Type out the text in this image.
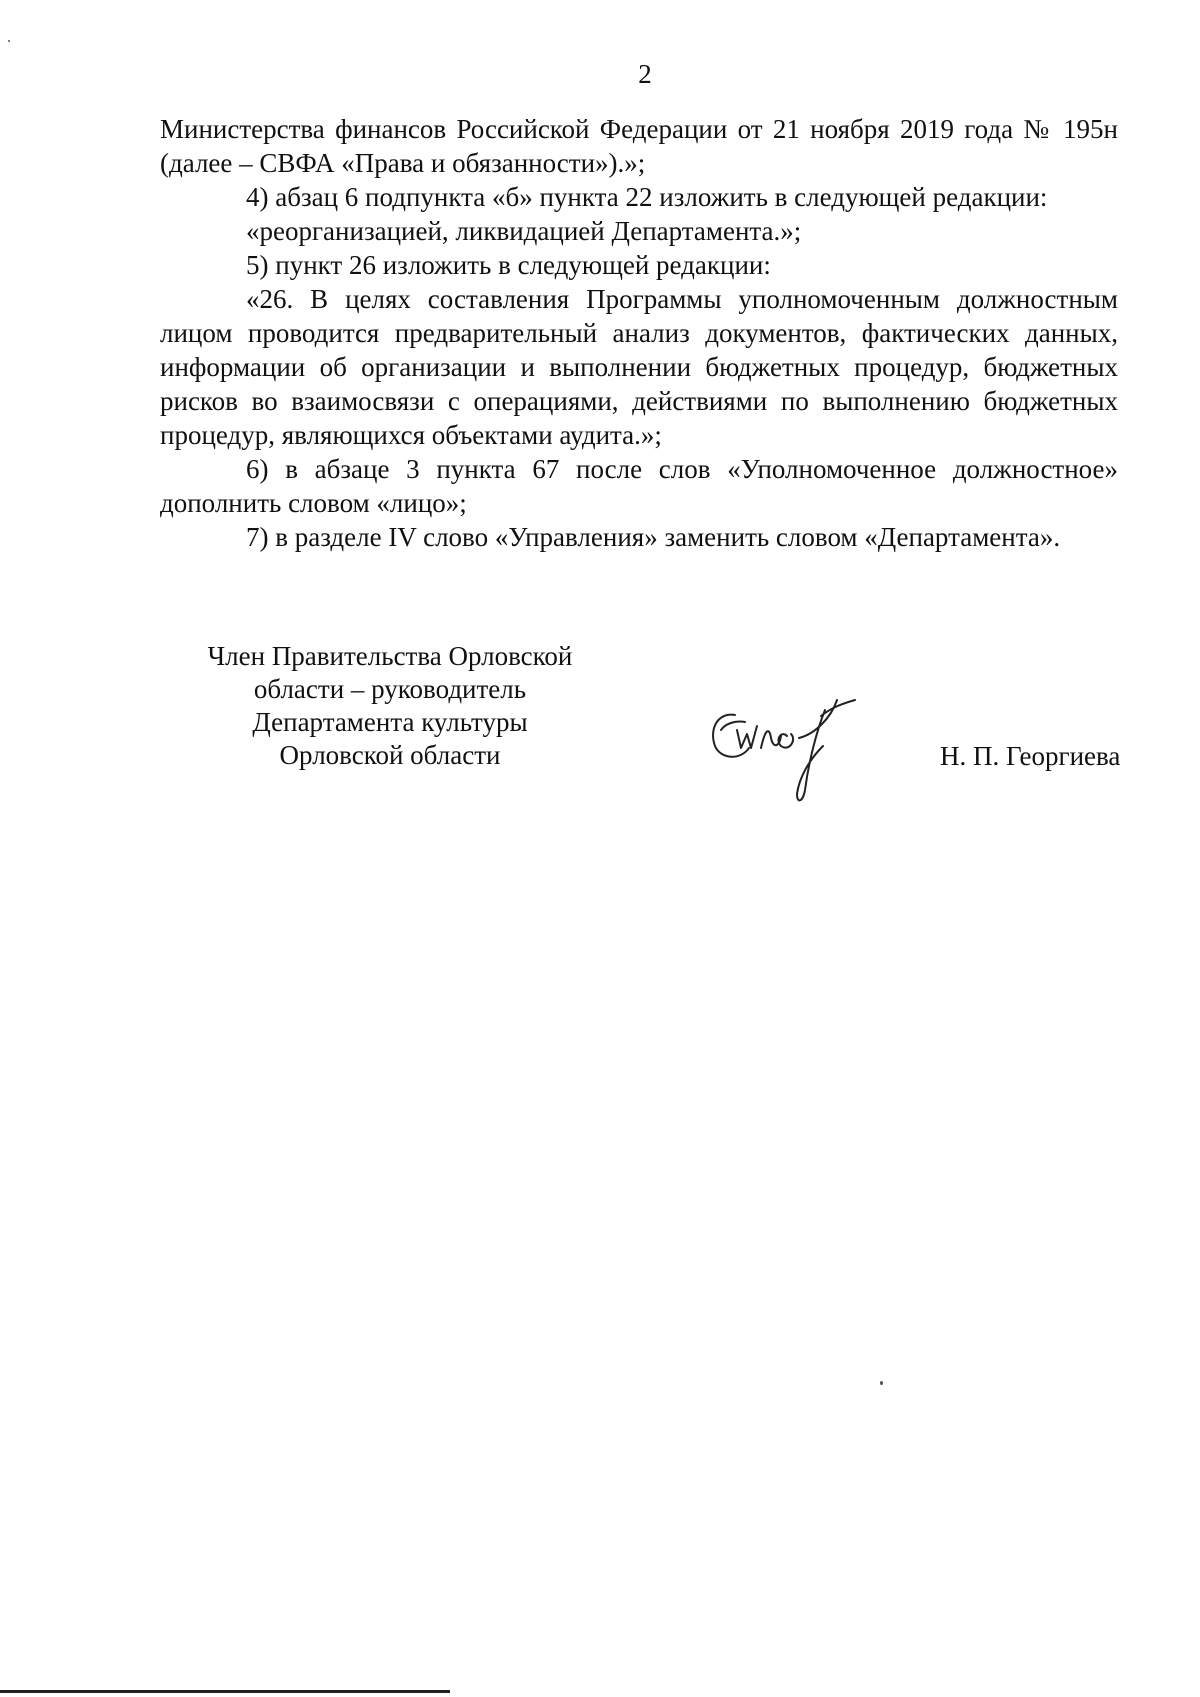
2

Министерства финансов Российской Федерации от 21 ноября 2019 года № 195н (далее – СВФА «Права и обязанности»).»;

4) абзац 6 подпункта «б» пункта 22 изложить в следующей редакции:

«реорганизацией, ликвидацией Департамента.»;

5) пункт 26 изложить в следующей редакции:

«26. В целях составления Программы уполномоченным должностным лицом проводится предварительный анализ документов, фактических данных, информации об организации и выполнении бюджетных процедур, бюджетных рисков во взаимосвязи с операциями, действиями по выполнению бюджетных процедур, являющихся объектами аудита.»;

6) в абзаце 3 пункта 67 после слов «Уполномоченное должностное» дополнить словом «лицо»;

7) в разделе IV слово «Управления» заменить словом «Департамента».

Член Правительства Орловской
области – руководитель
Департамента культуры
Орловской области	Н. П. Георгиева
